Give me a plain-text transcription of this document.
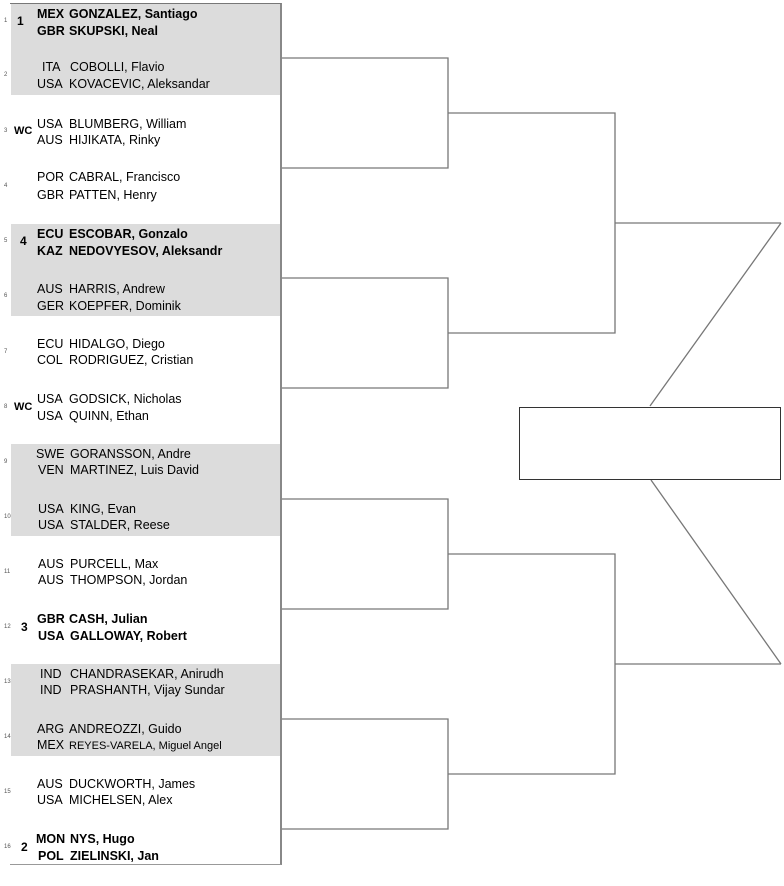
1 1 MEX GONZALEZ, Santiago
GBR SKUPSKI, Neal
2
ITA COBOLLI, Flavio
USA KOVACEVIC, Aleksandar
3 WC USA BLUMBERG, William
AUS HIJIKATA, Rinky
4
POR CABRAL, Francisco
GBR PATTEN, Henry
5 4 ECU ESCOBAR, Gonzalo
KAZ NEDOVYESOV, Aleksandr
6 AUS HARRIS, Andrew
GER KOEPFER, Dominik
7
ECU HIDALGO, Diego
COL RODRIGUEZ, Cristian
8 WC
USA GODSICK, Nicholas
USA QUINN, Ethan
9
SWE GORANSSON, Andre
VEN MARTINEZ, Luis David
10
USA KING, Evan
USA STALDER, Reese
11
AUS PURCELL, Max
AUS THOMPSON, Jordan
12 3
GBR CASH, Julian
USA GALLOWAY, Robert
13
IND CHANDRASEKAR, Anirudh
IND PRASHANTH, Vijay Sundar
14
ARG ANDREOZZI, Guido
MEX REYES-VARELA, Miguel Angel
15
AUS DUCKWORTH, James
USA MICHELSEN, Alex
16 2
MON NYS, Hugo
POL ZIELINSKI, Jan
